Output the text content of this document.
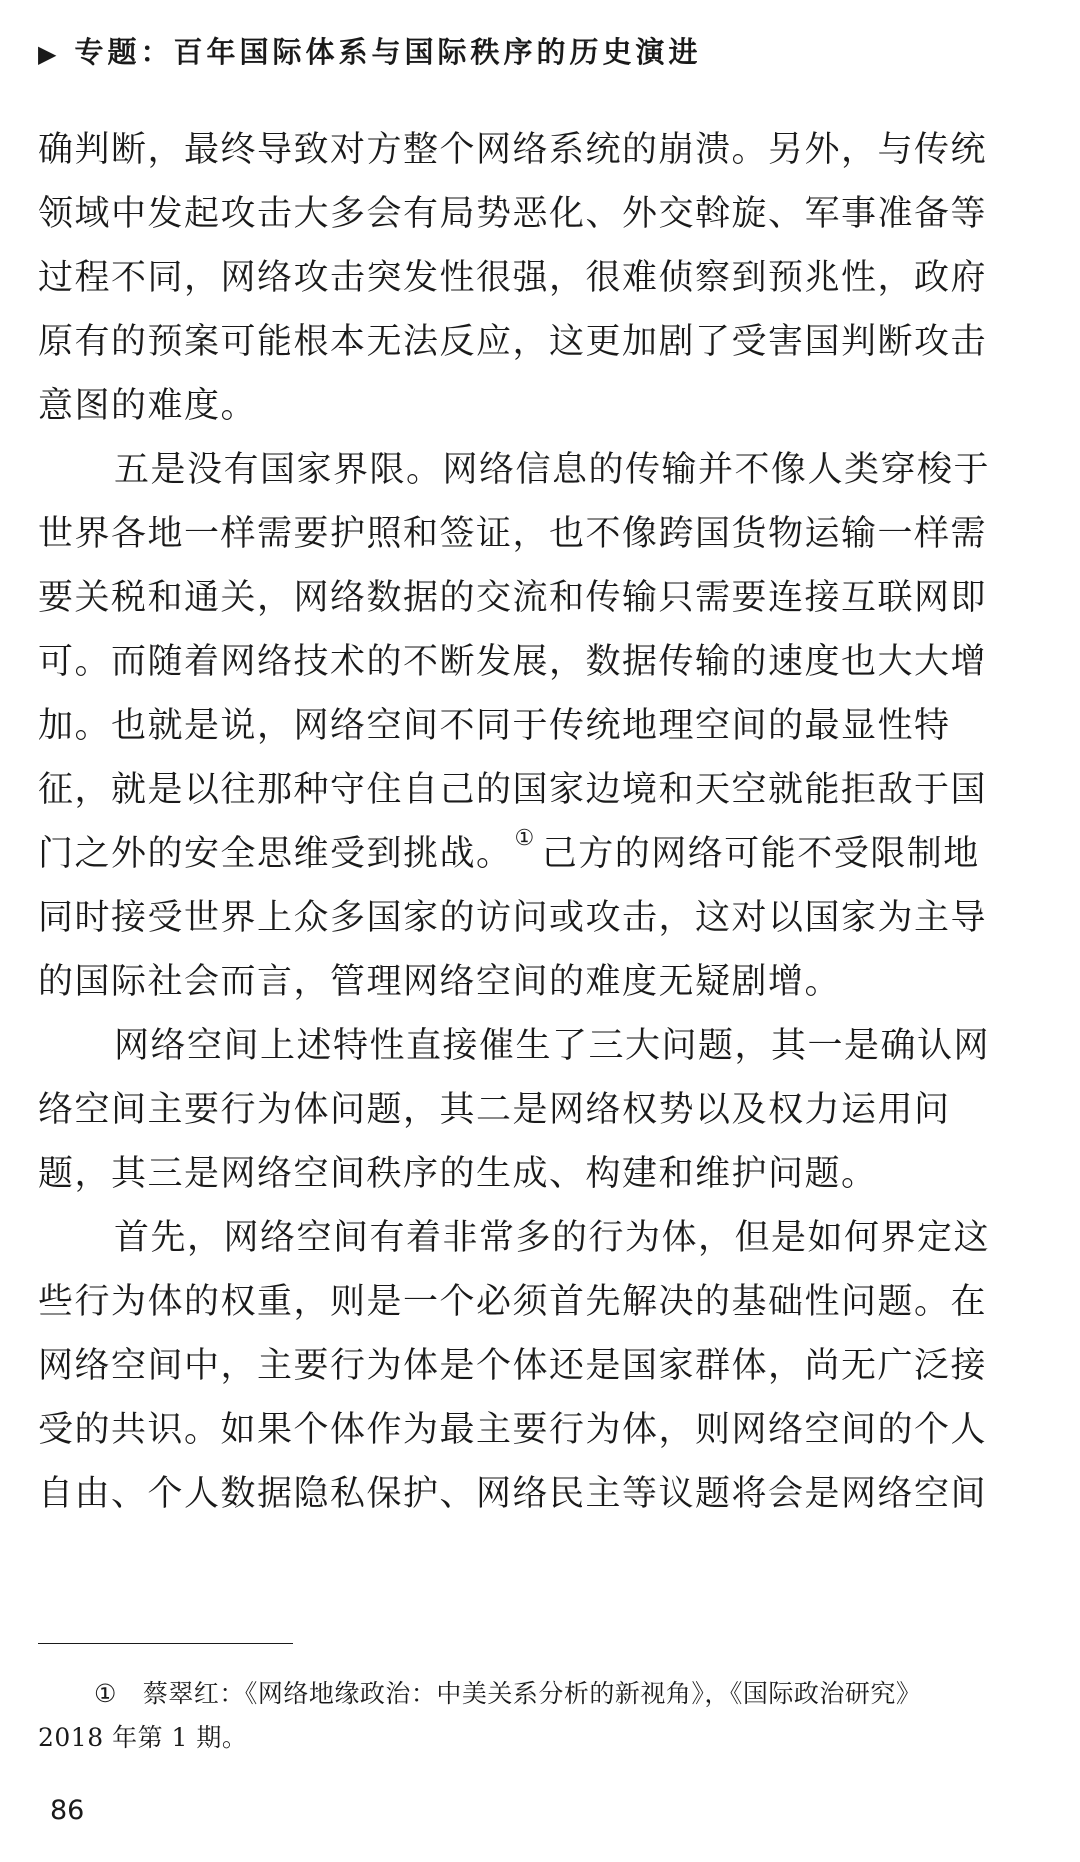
▶ 专题：百年国际体系与国际秩序的历史演进
确判断，最终导致对方整个网络系统的崩溃。另外，与传统
领域中发起攻击大多会有局势恶化、外交斡旋、军事准备等
过程不同，网络攻击突发性很强，很难侦察到预兆性，政府
原有的预案可能根本无法反应，这更加剧了受害国判断攻击
意图的难度。
五是没有国家界限。网络信息的传输并不像人类穿梭于
世界各地一样需要护照和签证，也不像跨国货物运输一样需
要关税和通关，网络数据的交流和传输只需要连接互联网即
可。而随着网络技术的不断发展，数据传输的速度也大大增
加。也就是说，网络空间不同于传统地理空间的最显性特
征，就是以往那种守住自己的国家边境和天空就能拒敌于国
门之外的安全思维受到挑战。① 己方的网络可能不受限制地
同时接受世界上众多国家的访问或攻击，这对以国家为主导
的国际社会而言，管理网络空间的难度无疑剧增。
网络空间上述特性直接催生了三大问题，其一是确认网
络空间主要行为体问题，其二是网络权势以及权力运用问
题，其三是网络空间秩序的生成、构建和维护问题。
首先，网络空间有着非常多的行为体，但是如何界定这
些行为体的权重，则是一个必须首先解决的基础性问题。在
网络空间中，主要行为体是个体还是国家群体，尚无广泛接
受的共识。如果个体作为最主要行为体，则网络空间的个人
自由、个人数据隐私保护、网络民主等议题将会是网络空间
① 蔡翠红：《网络地缘政治：中美关系分析的新视角》，《国际政治研究》
2018 年第 1 期。
86
